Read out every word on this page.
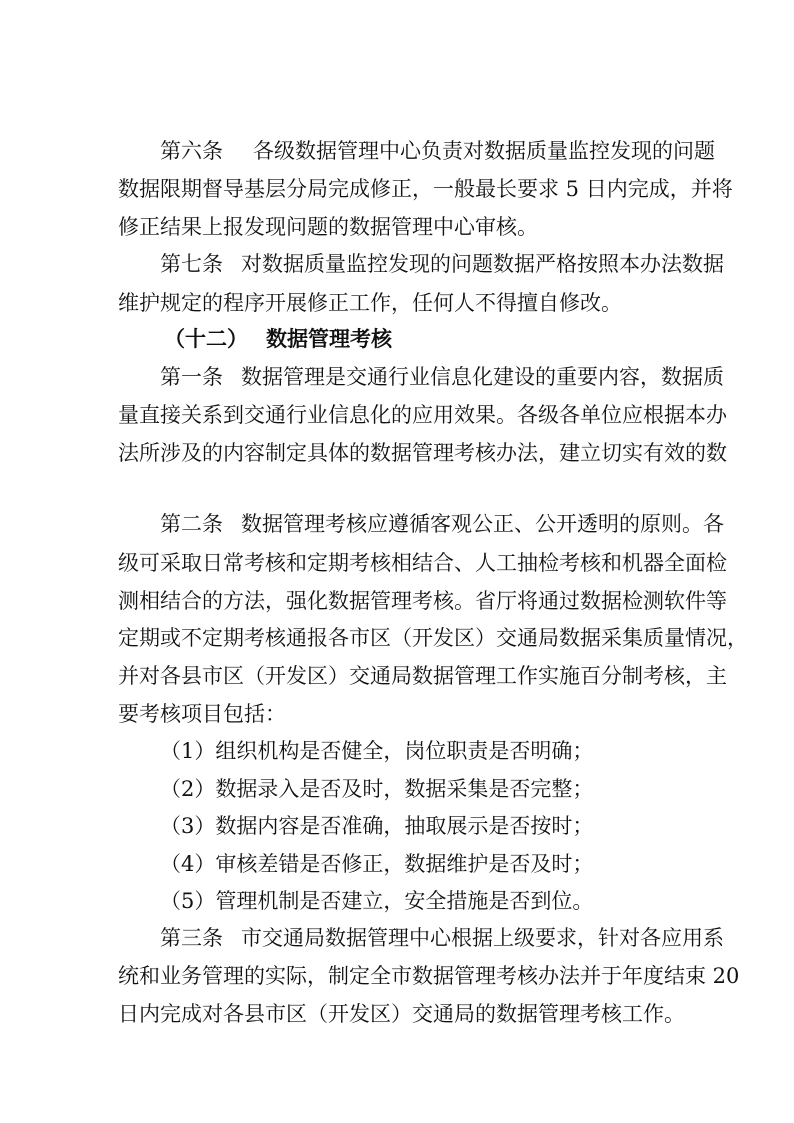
第六条 各级数据管理中心负责对数据质量监控发现的问题
数据限期督导基层分局完成修正，一般最长要求 5 日内完成，并将
修正结果上报发现问题的数据管理中心审核。
第七条 对数据质量监控发现的问题数据严格按照本办法数据
维护规定的程序开展修正工作，任何人不得擅自修改。
（十二） 数据管理考核
第一条 数据管理是交通行业信息化建设的重要内容，数据质
量直接关系到交通行业信息化的应用效果。各级各单位应根据本办
法所涉及的内容制定具体的数据管理考核办法，建立切实有效的数
第二条 数据管理考核应遵循客观公正、公开透明的原则。各
级可采取日常考核和定期考核相结合、人工抽检考核和机器全面检
测相结合的方法，强化数据管理考核。省厅将通过数据检测软件等
定期或不定期考核通报各市区（开发区）交通局数据采集质量情况，
并对各县市区（开发区）交通局数据管理工作实施百分制考核，主
要考核项目包括：
（1）组织机构是否健全，岗位职责是否明确；
（2）数据录入是否及时，数据采集是否完整；
（3）数据内容是否准确，抽取展示是否按时；
（4）审核差错是否修正，数据维护是否及时；
（5）管理机制是否建立，安全措施是否到位。
第三条 市交通局数据管理中心根据上级要求，针对各应用系
统和业务管理的实际，制定全市数据管理考核办法并于年度结束 20
日内完成对各县市区（开发区）交通局的数据管理考核工作。
